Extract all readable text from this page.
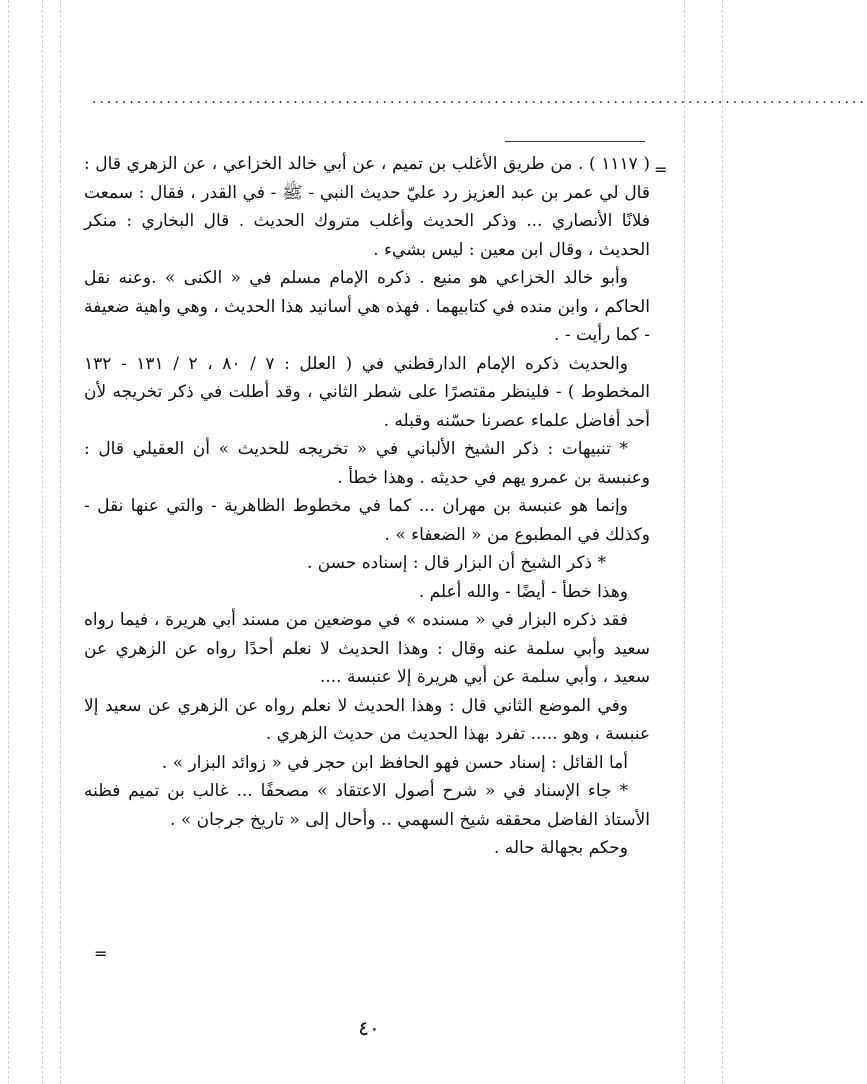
........................................................................................................
=

( ١١١٧ ) . من طريق الأغلب بن تميم ، عن أبي خالد الخزاعي ، عن الزهري قال : قال لي عمر بن عبد العزيز رد عليّ حديث النبي - ﷺ - في القدر ، فقال : سمعت فلانًا الأنصاري ... وذكر الحديث وأغلب متروك الحديث . قال البخاري : منكر الحديث ، وقال ابن معين : ليس بشيء .

وأبو خالد الخزاعي هو منيع . ذكره الإمام مسلم في « الكنى » .وعنه نقل الحاكم ، وابن منده في كتابيهما . فهذه هي أسانيد هذا الحديث ، وهي واهية ضعيفة - كما رأيت - .

والحديث ذكره الإمام الدارقطني في ( العلل : ٧ / ٨٠ ، ٢ / ١٣١ - ١٣٢ المخطوط ) - فلينظر مقتصرًا على شطر الثاني ، وقد أطلت في ذكر تخريجه لأن أحد أفاضل علماء عصرنا حسّنه وقبله .

* تنبيهات : ذكر الشيخ الألباني في « تخريجه للحديث » أن العقيلي قال : وعنبسة بن عمرو يهم في حديثه . وهذا خطأ .

وإنما هو عنبسة بن مهران ... كما في مخطوط الظاهرية - والتي عنها نقل - وكذلك في المطبوع من « الضعفاء » .

* ذكر الشيخ أن البزار قال : إسناده حسن .

وهذا خطأ - أيضًا - والله أعلم .

فقد ذكره البزار في « مسنده » في موضعين من مسند أبي هريرة ، فيما رواه سعيد وأبي سلمة عنه وقال : وهذا الحديث لا نعلم أحدًا رواه عن الزهري عن سعيد ، وأبي سلمة عن أبي هريرة إلا عنبسة ....

وفي الموضع الثاني قال : وهذا الحديث لا نعلم رواه عن الزهري عن سعيد إلا عنبسة ، وهو ..... تفرد بهذا الحديث من حديث الزهري .

أما القائل : إسناد حسن فهو الحافظ ابن حجر في « زوائد البزار » .

* جاء الإسناد في « شرح أصول الاعتقاد » مصحفًا ... غالب بن تميم فظنه الأستاذ الفاضل محققه شيخ السهمي .. وأحال إلى « تاريخ جرجان » .

وحكم بجهالة حاله .

=
٤٠
